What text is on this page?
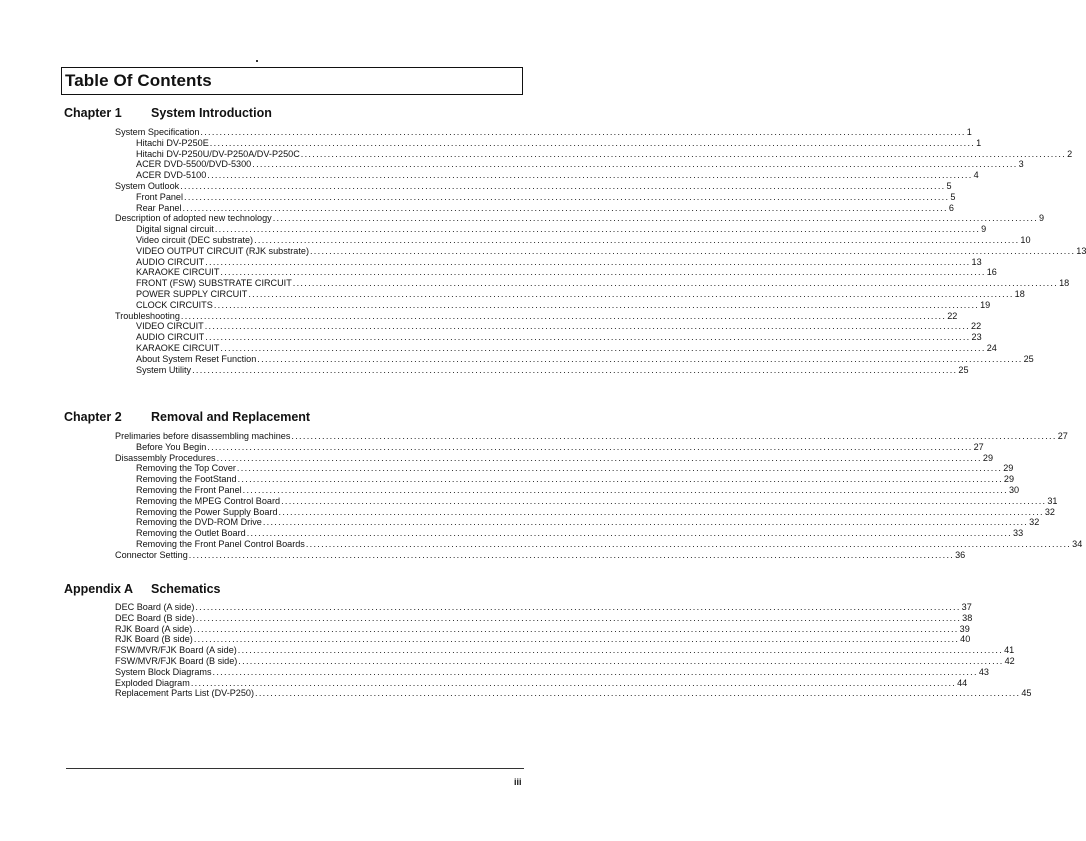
Table Of Contents
Chapter 1 System Introduction
System Specification ........................................................................................................................................................................................................ 1
Hitachi DV-P250E ........................................................................................................................................................................................................ 1
Hitachi DV-P250U/DV-P250A/DV-P250C ........................................................................................................................................................................................................ 2
ACER DVD-5500/DVD-5300 ........................................................................................................................................................................................................ 3
ACER DVD-5100 ........................................................................................................................................................................................................ 4
System Outlook ........................................................................................................................................................................................................ 5
Front Panel ........................................................................................................................................................................................................ 5
Rear Panel ........................................................................................................................................................................................................ 6
Description of adopted new technology ........................................................................................................................................................................................................ 9
Digital signal circuit ........................................................................................................................................................................................................ 9
Video circuit (DEC substrate) ........................................................................................................................................................................................................ 10
VIDEO OUTPUT CIRCUIT (RJK substrate) ........................................................................................................................................................................................................ 13
AUDIO CIRCUIT ........................................................................................................................................................................................................ 13
KARAOKE CIRCUIT ........................................................................................................................................................................................................ 16
FRONT (FSW) SUBSTRATE CIRCUIT ........................................................................................................................................................................................................ 18
POWER SUPPLY CIRCUIT ........................................................................................................................................................................................................ 18
CLOCK CIRCUITS ........................................................................................................................................................................................................ 19
Troubleshooting ........................................................................................................................................................................................................ 22
VIDEO CIRCUIT ........................................................................................................................................................................................................ 22
AUDIO CIRCUIT ........................................................................................................................................................................................................ 23
KARAOKE CIRCUIT ........................................................................................................................................................................................................ 24
About System Reset Function ........................................................................................................................................................................................................ 25
System Utility ........................................................................................................................................................................................................ 25
Chapter 2 Removal and Replacement
Prelimaries before disassembling machines ........................................................................................................................................................................................................ 27
Before You Begin ........................................................................................................................................................................................................ 27
Disassembly Procedures ........................................................................................................................................................................................................ 29
Removing the Top Cover ........................................................................................................................................................................................................ 29
Removing the FootStand ........................................................................................................................................................................................................ 29
Removing the Front Panel ........................................................................................................................................................................................................ 30
Removing the MPEG Control Board ........................................................................................................................................................................................................ 31
Removing the Power Supply Board ........................................................................................................................................................................................................ 32
Removing the DVD-ROM Drive ........................................................................................................................................................................................................ 32
Removing the Outlet Board ........................................................................................................................................................................................................ 33
Removing the Front Panel Control Boards ........................................................................................................................................................................................................ 34
Connector Setting ........................................................................................................................................................................................................ 36
Appendix A Schematics
DEC Board (A side) ........................................................................................................................................................................................................ 37
DEC Board (B side) ........................................................................................................................................................................................................ 38
RJK Board (A side) ........................................................................................................................................................................................................ 39
RJK Board (B side) ........................................................................................................................................................................................................ 40
FSW/MVR/FJK Board (A side) ........................................................................................................................................................................................................ 41
FSW/MVR/FJK Board (B side) ........................................................................................................................................................................................................ 42
System Block Diagrams ........................................................................................................................................................................................................ 43
Exploded Diagram ........................................................................................................................................................................................................ 44
Replacement Parts List (DV-P250) ........................................................................................................................................................................................................ 45
iii
